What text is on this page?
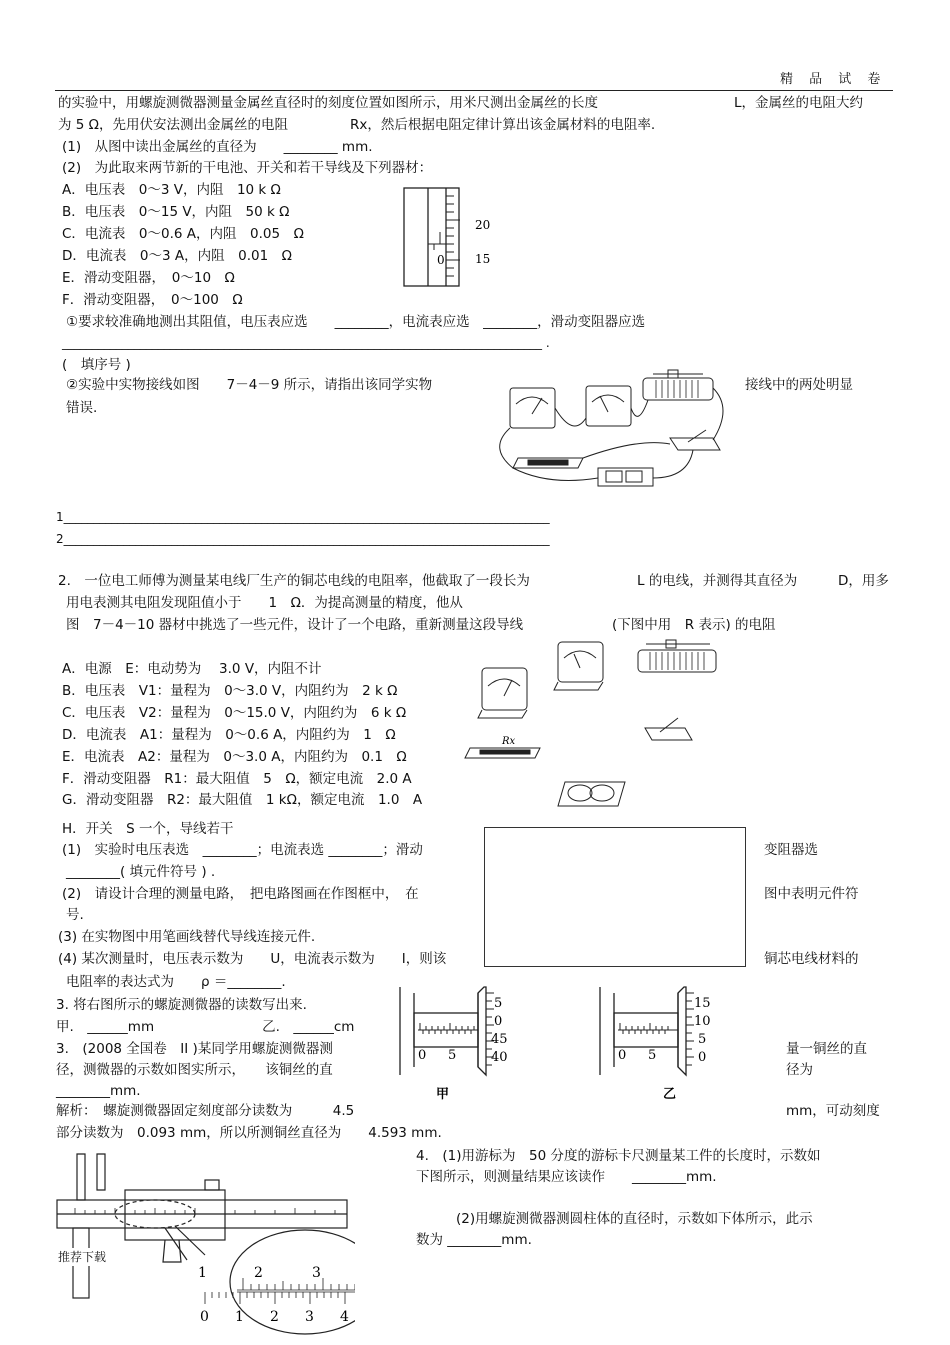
精 品 试 卷
的实验中，用螺旋测微器测量金属丝直径时的刻度位置如图所示，用米尺测出金属丝的长度	L，金属丝的电阻大约
为 5 Ω，先用伏安法测出金属丝的电阻	Rx，然后根据电阻定律计算出该金属材料的电阻率.
(1)　从图中读出金属丝的直径为　　________ mm.
(2)　为此取来两节新的干电池、开关和若干导线及下列器材：
A．电压表　0～3 V，内阻　10 k Ω
B．电压表　0～15 V，内阻　50 k Ω
C．电流表　0～0.6 A，内阻　0.05　Ω
D．电流表　0～3 A，内阻　0.01　Ω
E．滑动变阻器，　0～10　Ω
F．滑动变阻器，　0～100　Ω
①要求较准确地测出其阻值，电压表应选　　________，电流表应选　________，滑动变阻器应选
________________________________________________________________________________ .
(　填序号 )
②实验中实物接线如图　　7－4－9 所示，请指出该同学实物	接线中的两处明显
错误.
1_________________________________________________________________________________
2_________________________________________________________________________________
20
15
0
2.　一位电工师傅为测量某电线厂生产的铜芯电线的电阻率，他截取了一段长为	L 的电线，并测得其直径为	D，用多
用电表测其电阻发现阻值小于　　1　Ω．为提高测量的精度，他从
图　7－4－10 器材中挑选了一些元件，设计了一个电路，重新测量这段导线	(下图中用　R 表示) 的电阻
A．电源　E：电动势为　 3.0 V，内阻不计
B．电压表　V1：量程为　0～3.0 V，内阻约为　2 k Ω
C．电压表　V2：量程为　0～15.0 V，内阻约为　6 k Ω
D．电流表　A1：量程为　0～0.6 A，内阻约为　1　Ω
E．电流表　A2：量程为　0～3.0 A，内阻约为　0.1　Ω
F．滑动变阻器　R1：最大阻值　5　Ω，额定电流　2.0 A
G．滑动变阻器　R2：最大阻值　1 kΩ，额定电流　1.0　A
H．开关　S 一个，导线若干
(1)　实验时电压表选　________；电流表选 ________；滑动	变阻器选
________( 填元件符号 ) .
(2)　请设计合理的测量电路，　把电路图画在作图框中，　在	图中表明元件符
号.
(3) 在实物图中用笔画线替代导线连接元件.
(4) 某次测量时，电压表示数为　　U，电流表示数为　　I，则该	铜芯电线材料的
电阻率的表达式为　　ρ ＝________.
Rx
3. 将右图所示的螺旋测微器的读数写出来.
甲.　______mm　　　　　　　　乙.　______cm
5
0
45
40
0 5
甲
15
10
5
0
0 5
乙
3.　(2008 全国卷　II )某同学用螺旋测微器测	量一铜丝的直
径，测微器的示数如图实所示，　　该铜丝的直	径为
________mm.
解析：　螺旋测微器固定刻度部分读数为　　　4.5	mm，可动刻度
部分读数为　0.093 mm，所以所测铜丝直径为　　4.593 mm.
4.　(1)用游标为　50 分度的游标卡尺测量某工件的长度时，示数如
下图所示，则测量结果应该读作　　________mm.
(2)用螺旋测微器测圆柱体的直径时，示数如下体所示，此示
数为 ________mm.
1	2	3
0 1 2 3 4
推荐下载
